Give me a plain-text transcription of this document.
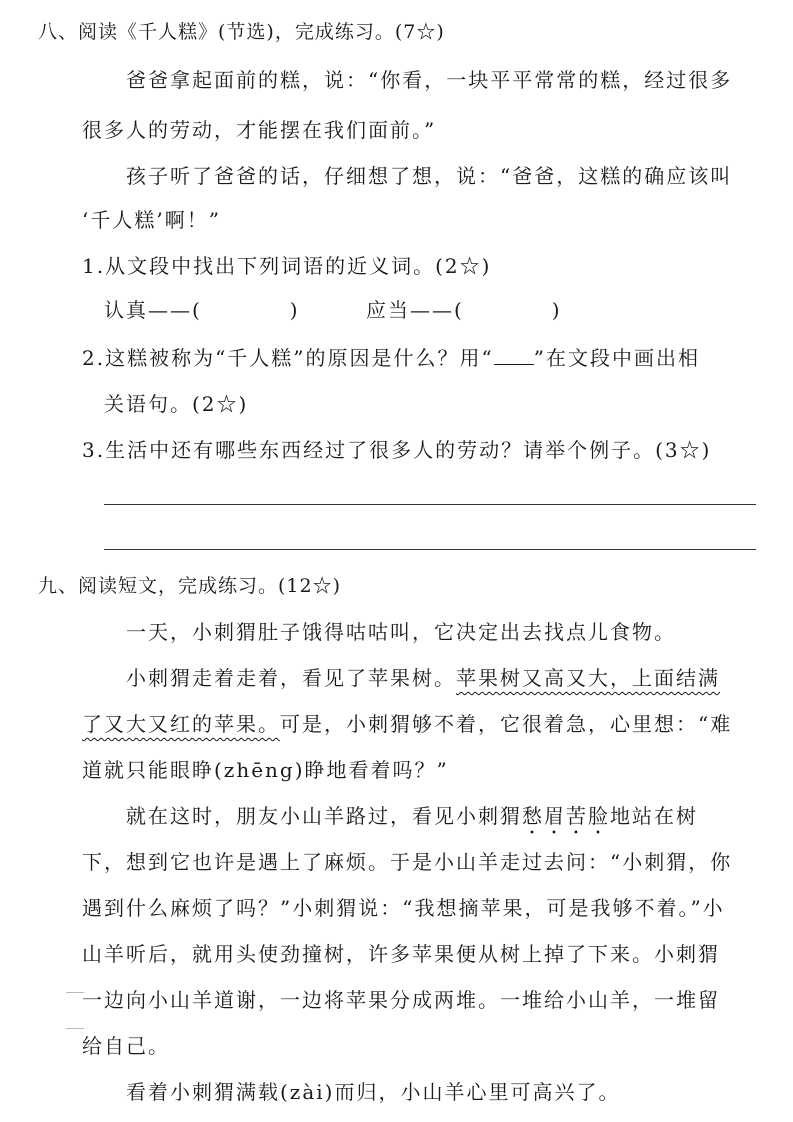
八、阅读《千人糕》(节选)，完成练习。(7☆)
爸爸拿起面前的糕，说：“你看，一块平平常常的糕，经过很多
很多人的劳动，才能摆在我们面前。”
孩子听了爸爸的话，仔细想了想，说：“爸爸，这糕的确应该叫
‘千人糕’啊！”
1.从文段中找出下列词语的近义词。(2☆)
认真——(　　　　)	应当——(　　　　)
2.这糕被称为“千人糕”的原因是什么？用“ ”在文段中画出相
关语句。(2☆)
3.生活中还有哪些东西经过了很多人的劳动？请举个例子。(3☆)
九、阅读短文，完成练习。(12☆)
一天，小刺猬肚子饿得咕咕叫，它决定出去找点儿食物。
小刺猬走着走着，看见了苹果树。苹果树又高又大，上面结满
了又大又红的苹果。可是，小刺猬够不着，它很着急，心里想：“难
道就只能眼睁(zhēng)睁地看着吗？”
就在这时，朋友小山羊路过，看见小刺猬愁眉苦脸地站在树
下，想到它也许是遇上了麻烦。于是小山羊走过去问：“小刺猬，你
遇到什么麻烦了吗？”小刺猬说：“我想摘苹果，可是我够不着。”小
山羊听后，就用头使劲撞树，许多苹果便从树上掉了下来。小刺猬
一边向小山羊道谢，一边将苹果分成两堆。一堆给小山羊，一堆留
给自己。
看着小刺猬满载(zài)而归，小山羊心里可高兴了。
